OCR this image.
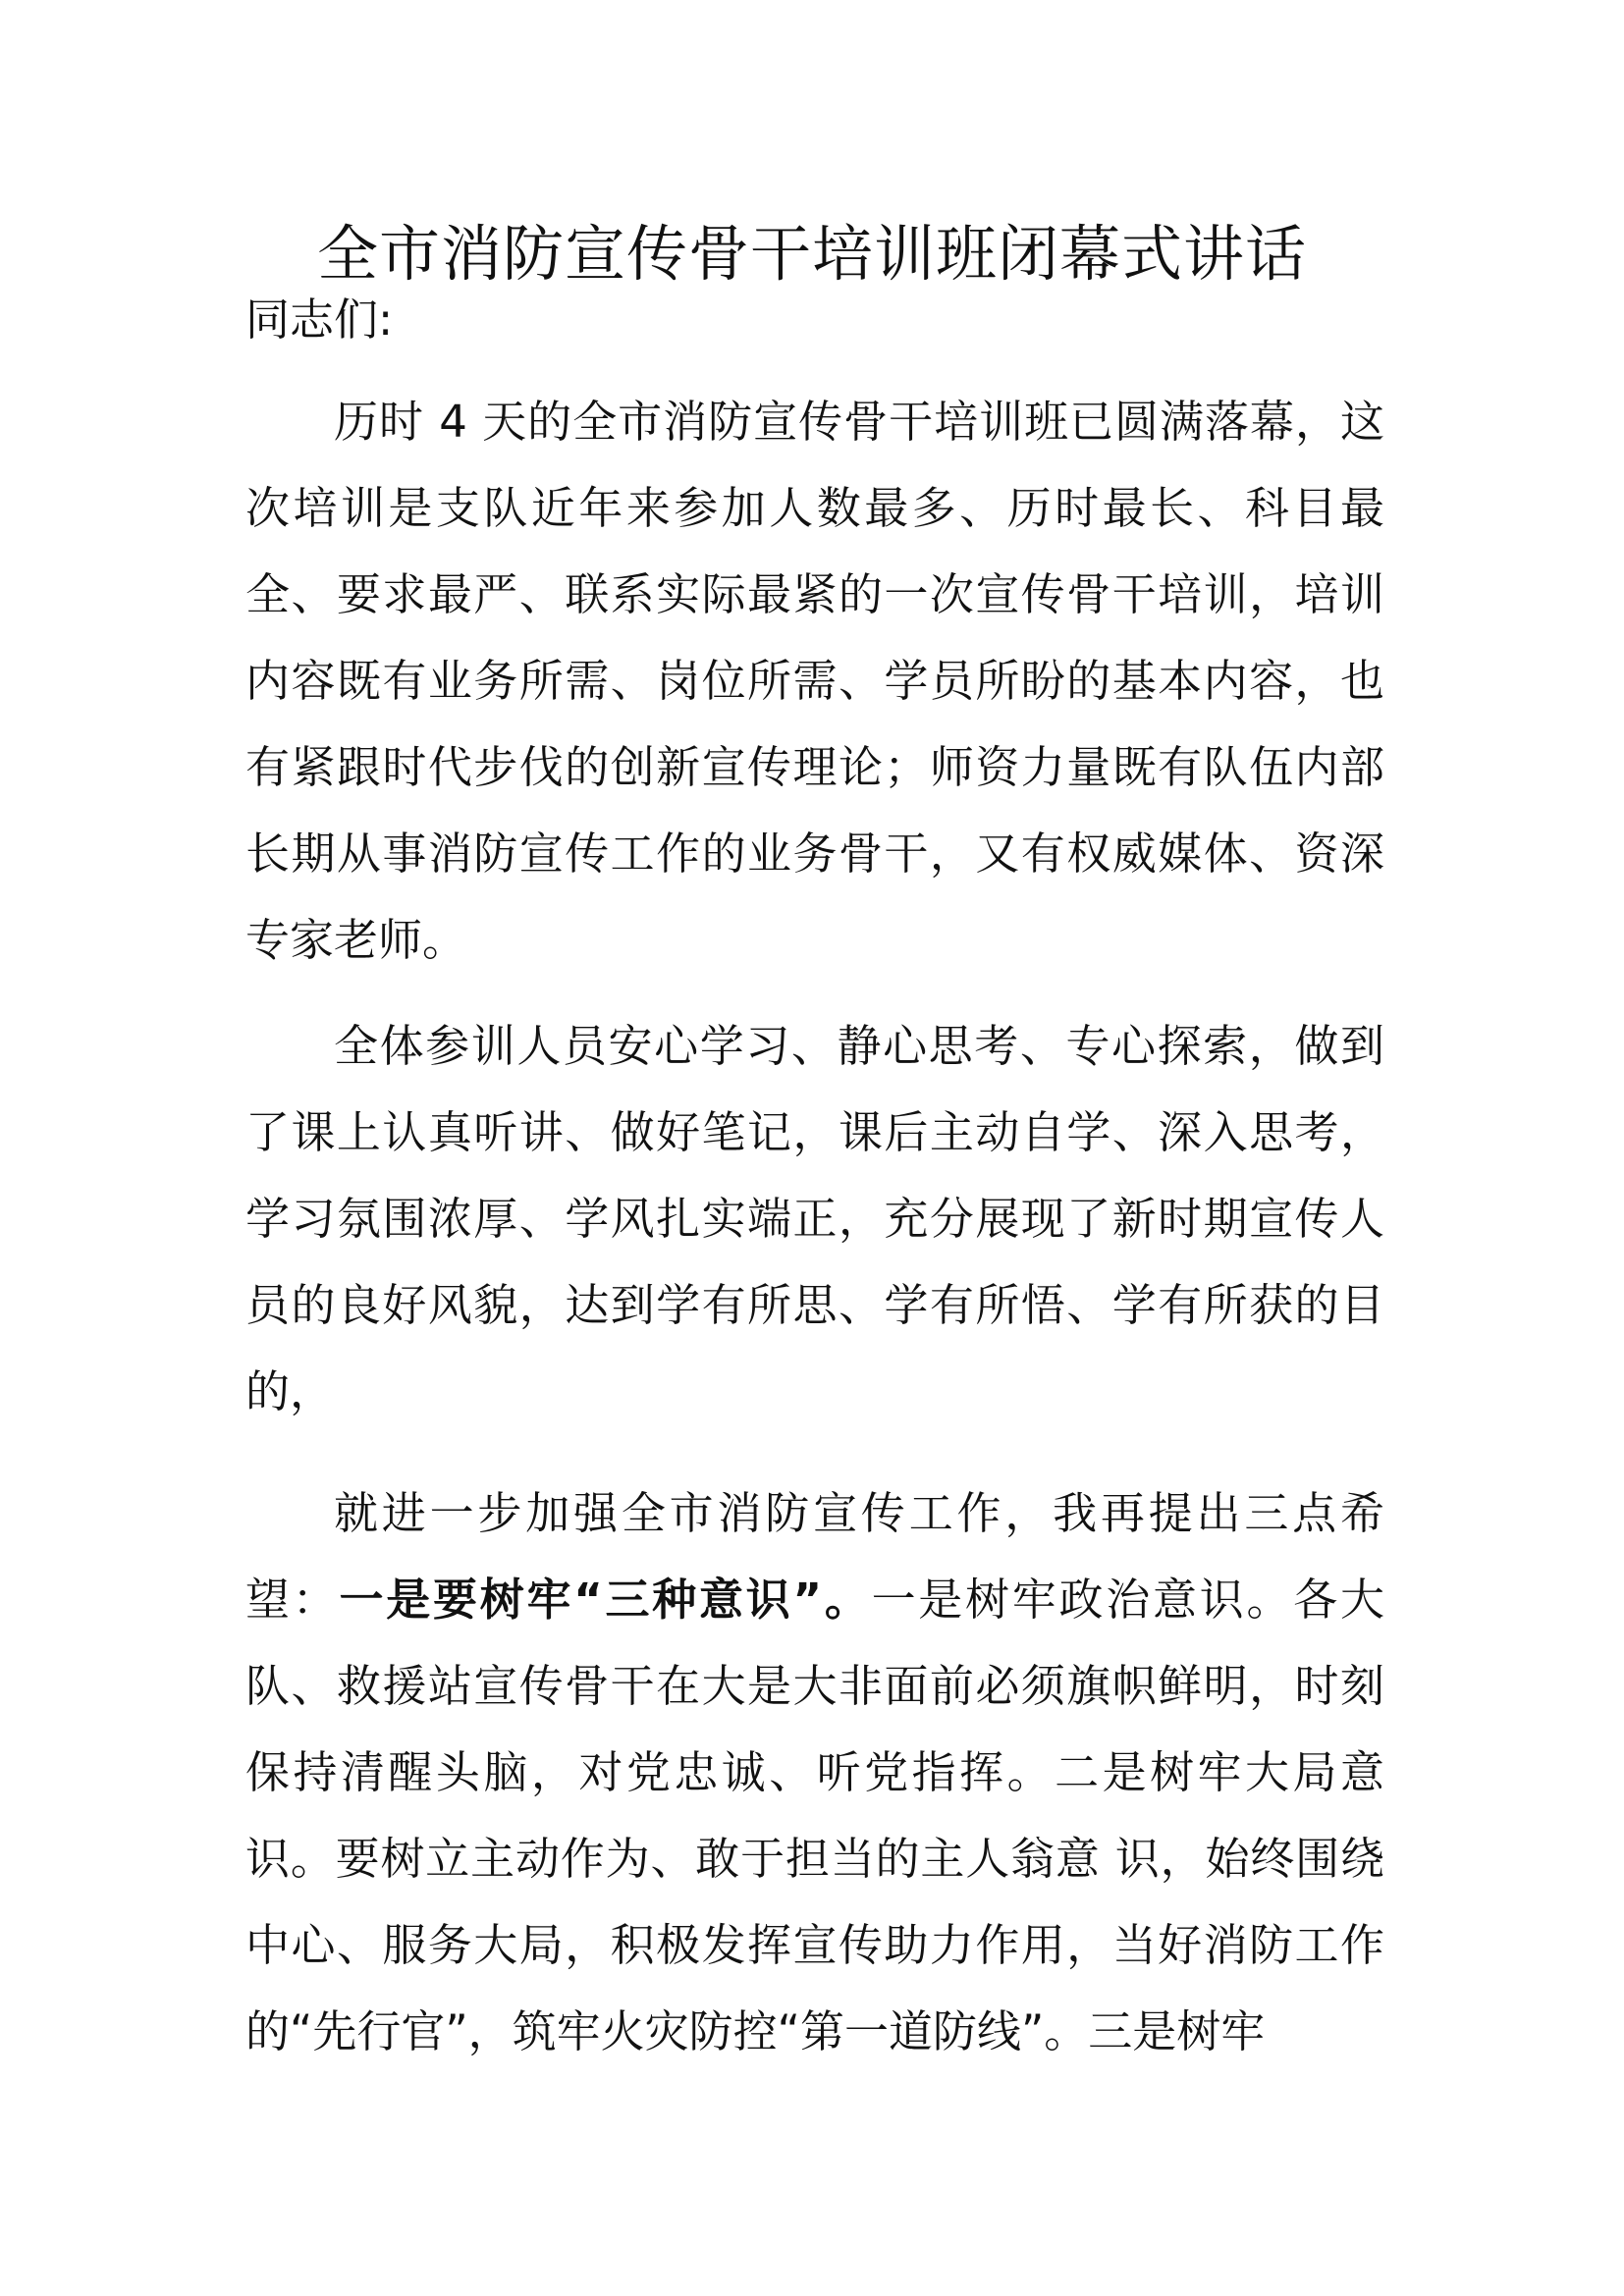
全市消防宣传骨干培训班闭幕式讲话

同志们:

历时 4 天的全市消防宣传骨干培训班已圆满落幕，这次培训是支队近年来参加人数最多、历时最长、科目最全、要求最严、联系实际最紧的一次宣传骨干培训，培训内容既有业务所需、岗位所需、学员所盼的基本内容，也有紧跟时代步伐的创新宣传理论；师资力量既有队伍内部长期从事消防宣传工作的业务骨干，又有权威媒体、资深专家老师。

全体参训人员安心学习、静心思考、专心探索，做到了课上认真听讲、做好笔记，课后主动自学、深入思考，学习氛围浓厚、学风扎实端正，充分展现了新时期宣传人员的良好风貌，达到学有所思、学有所悟、学有所获的目的，

就进一步加强全市消防宣传工作，我再提出三点希望：一是要树牢“三种意识”。一是树牢政治意识。各大队、救援站宣传骨干在大是大非面前必须旗帜鲜明，时刻保持清醒头脑，对党忠诚、听党指挥。二是树牢大局意识。要树立主动作为、敢于担当的主人翁意 识，始终围绕中心、服务大局，积极发挥宣传助力作用，当好消防工作的“先行官”，筑牢火灾防控“第一道防线”。三是树牢
